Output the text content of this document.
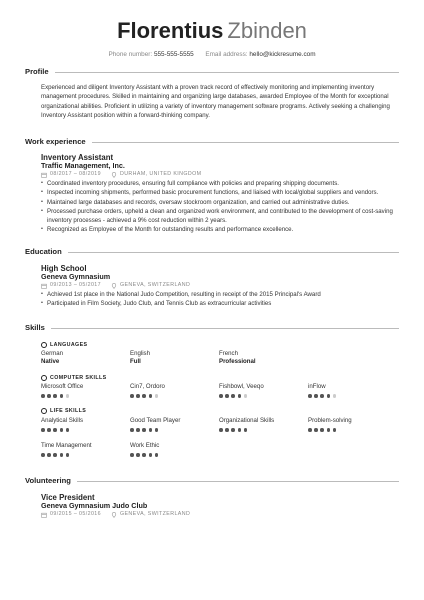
Florentius Zbinden
Phone number: 555-555-5555 Email address: hello@kickresume.com
Profile
Experienced and diligent Inventory Assistant with a proven track record of effectively monitoring and implementing inventory management procedures. Skilled in maintaining and organizing large databases, awarded Employee of the Month for exceptional organizational abilities. Proficient in utilizing a variety of inventory management software programs. Actively seeking a challenging Inventory Assistant position within a forward-thinking company.
Work experience
Inventory Assistant
Traffic Management, Inc.
08/2017 – 08/2019	DURHAM, UNITED KINGDOM
• Coordinated inventory procedures, ensuring full compliance with policies and preparing shipping documents.
• Inspected incoming shipments, performed basic procurement functions, and liaised with local/global suppliers and vendors.
• Maintained large databases and records, oversaw stockroom organization, and carried out administrative duties.
• Processed purchase orders, upheld a clean and organized work environment, and contributed to the development of cost-saving inventory processes - achieved a 9% cost reduction within 2 years.
• Recognized as Employee of the Month for outstanding results and performance excellence.
Education
High School
Geneva Gymnasium
09/2013 – 05/2017	GENEVA, SWITZERLAND
• Achieved 1st place in the National Judo Competition, resulting in receipt of the 2015 Principal's Award
• Participated in Film Society, Judo Club, and Tennis Club as extracurricular activities
Skills
LANGUAGES
German
Native
English
Full
French
Professional
COMPUTER SKILLS
Microsoft Office	Cin7, Ordoro	Fishbowl, Veeqo	inFlow
LIFE SKILLS
Analytical Skills	Good Team Player	Organizational Skills	Problem-solving
Time Management	Work Ethic
Volunteering
Vice President
Geneva Gymnasium Judo Club
09/2015 – 05/2016	GENEVA, SWITZERLAND
